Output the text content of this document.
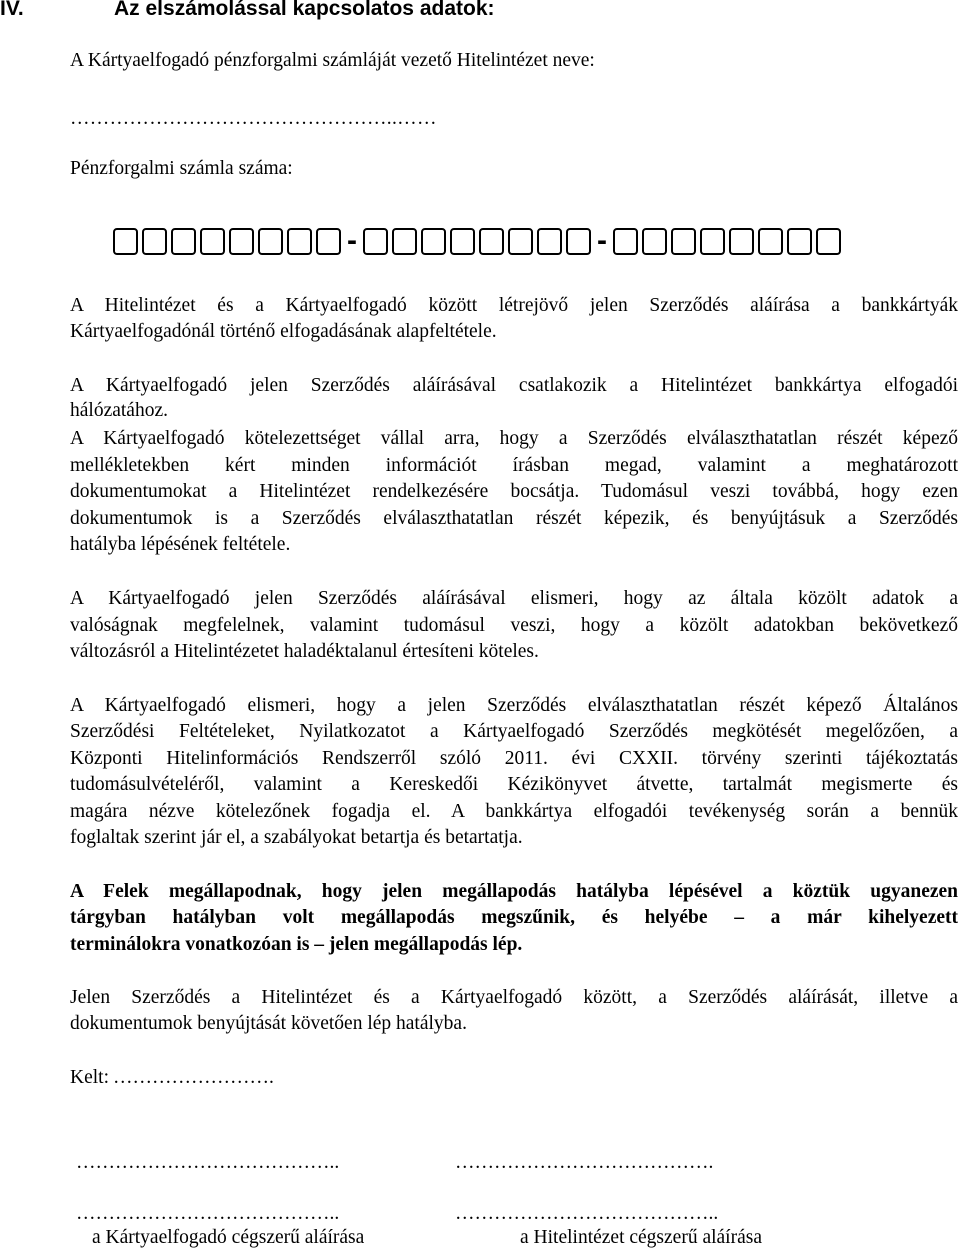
IV.	Az elszámolással kapcsolatos adatok:
A Kártyaelfogadó pénzforgalmi számláját vezető Hitelintézet neve:
…………………………………………..……
Pénzforgalmi számla száma:
-	-
A Hitelintézet és a Kártyaelfogadó között létrejövő jelen Szerződés aláírása a bankkártyák
Kártyaelfogadónál történő elfogadásának alapfeltétele.
A Kártyaelfogadó jelen Szerződés aláírásával csatlakozik a Hitelintézet bankkártya elfogadói
hálózatához.
A Kártyaelfogadó kötelezettséget vállal arra, hogy a Szerződés elválaszthatatlan részét képező
mellékletekben kért minden információt írásban megad, valamint a meghatározott
dokumentumokat a Hitelintézet rendelkezésére bocsátja. Tudomásul veszi továbbá, hogy ezen
dokumentumok is a Szerződés elválaszthatatlan részét képezik, és benyújtásuk a Szerződés
hatályba lépésének feltétele.
A Kártyaelfogadó jelen Szerződés aláírásával elismeri, hogy az általa közölt adatok a
valóságnak megfelelnek, valamint tudomásul veszi, hogy a közölt adatokban bekövetkező
változásról a Hitelintézetet haladéktalanul értesíteni köteles.
A Kártyaelfogadó elismeri, hogy a jelen Szerződés elválaszthatatlan részét képező Általános
Szerződési Feltételeket, Nyilatkozatot a Kártyaelfogadó Szerződés megkötését megelőzően, a
Központi Hitelinformációs Rendszerről szóló 2011. évi CXXII. törvény szerinti tájékoztatás
tudomásulvételéről, valamint a Kereskedői Kézikönyvet átvette, tartalmát megismerte és
magára nézve kötelezőnek fogadja el. A bankkártya elfogadói tevékenység során a bennük
foglaltak szerint jár el, a szabályokat betartja és betartatja.
A Felek megállapodnak, hogy jelen megállapodás hatályba lépésével a köztük ugyanezen
tárgyban hatályban volt megállapodás megszűnik, és helyébe – a már kihelyezett
terminálokra vonatkozóan is – jelen megállapodás lép.
Jelen Szerződés a Hitelintézet és a Kártyaelfogadó között, a Szerződés aláírását, illetve a
dokumentumok benyújtását követően lép hatályba.
Kelt: …………………….
…………………………………..	………………………………….
…………………………………..	…………………………………..
a Kártyaelfogadó cégszerű aláírása	a Hitelintézet cégszerű aláírása
